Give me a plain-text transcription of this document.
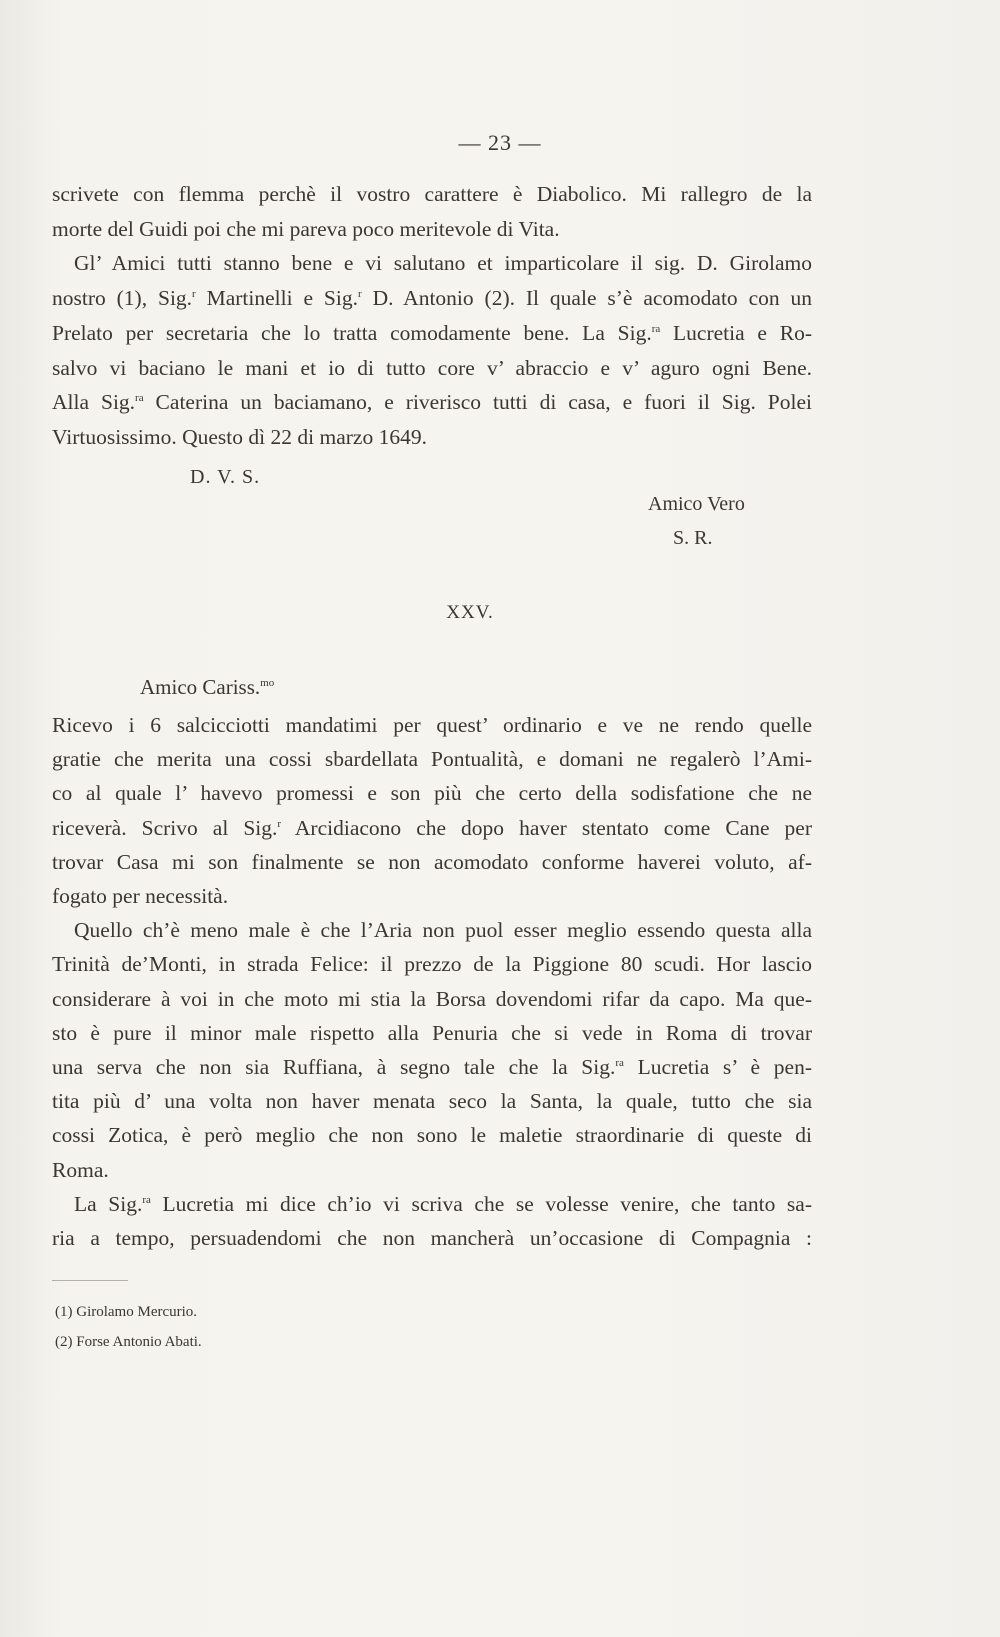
— 23 —
scrivete con flemma perchè il vostro carattere è Diabolico. Mi rallegro de la
morte del Guidi poi che mi pareva poco meritevole di Vita.
Gl’ Amici tutti stanno bene e vi salutano et imparticolare il sig. D. Girolamo
nostro (1), Sig.$^r$ Martinelli e Sig.$^r$ D. Antonio (2). Il quale s’è acomodato con un
Prelato per secretaria che lo tratta comodamente bene. La Sig.$^{ra}$ Lucretia e Ro-
salvo vi baciano le mani et io di tutto core v’ abraccio e v’ aguro ogni Bene.
Alla Sig.$^{ra}$ Caterina un baciamano, e riverisco tutti di casa, e fuori il Sig. Polei
Virtuosissimo. Questo dì 22 di marzo 1649.
D. V. S.
Amico Vero
S. R.
XXV.
Amico Cariss.$^{mo}$
Ricevo i 6 salcicciotti mandatimi per quest’ ordinario e ve ne rendo quelle
gratie che merita una cossi sbardellata Pontualità, e domani ne regalerò l’Ami-
co al quale l’ havevo promessi e son più che certo della sodisfatione che ne
riceverà. Scrivo al Sig.$^r$ Arcidiacono che dopo haver stentato come Cane per
trovar Casa mi son finalmente se non acomodato conforme haverei voluto, af-
fogato per necessità.
Quello ch’è meno male è che l’Aria non puol esser meglio essendo questa alla
Trinità de’Monti, in strada Felice: il prezzo de la Piggione 80 scudi. Hor lascio
considerare à voi in che moto mi stia la Borsa dovendomi rifar da capo. Ma que-
sto è pure il minor male rispetto alla Penuria che si vede in Roma di trovar
una serva che non sia Ruffiana, à segno tale che la Sig.$^{ra}$ Lucretia s’ è pen-
tita più d’ una volta non haver menata seco la Santa, la quale, tutto che sia
cossi Zotica, è però meglio che non sono le maletie straordinarie di queste di
Roma.
La Sig.$^{ra}$ Lucretia mi dice ch’io vi scriva che se volesse venire, che tanto sa-
ria a tempo, persuadendomi che non mancherà un’occasione di Compagnia :
(1) Girolamo Mercurio.
(2) Forse Antonio Abati.
